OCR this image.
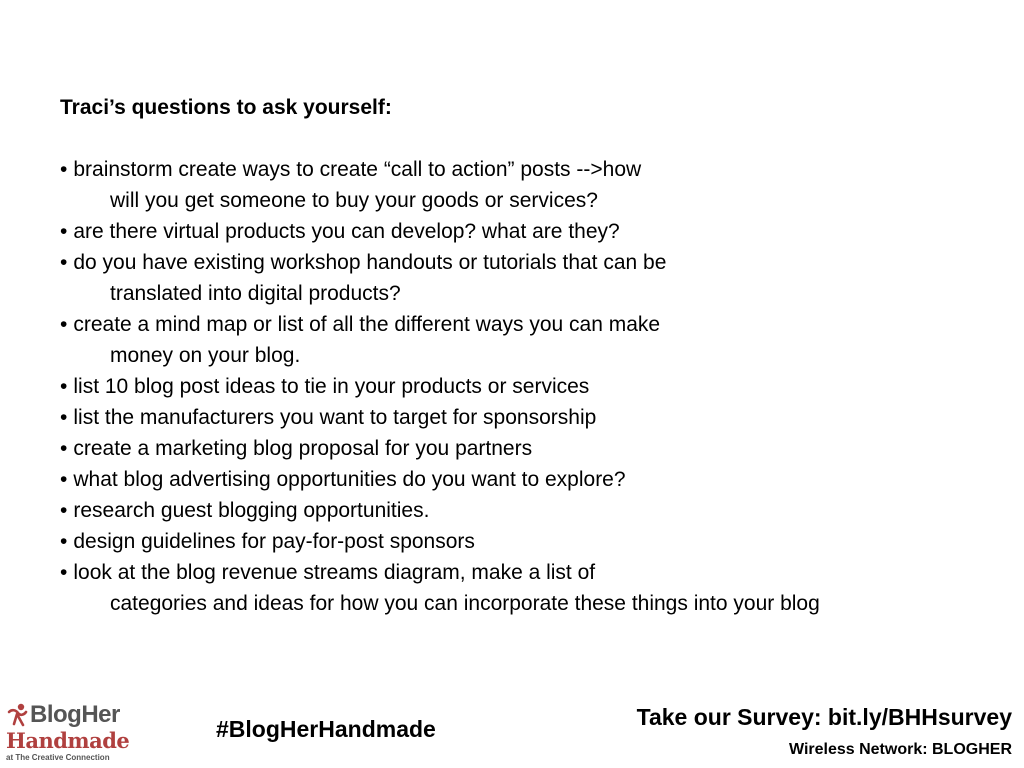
Traci’s questions to ask yourself:
• brainstorm create ways to create “call to action” posts -->how
will you get someone to buy your goods or services?
• are there virtual products you can develop? what are they?
• do you have existing workshop handouts or tutorials that can be
translated into digital products?
• create a mind map or list of all the different ways you can make
money on your blog.
• list 10 blog post ideas to tie in your products or services
• list the manufacturers you want to target for sponsorship
• create a marketing blog proposal for you partners
• what blog advertising opportunities do you want to explore?
• research guest blogging opportunities.
• design guidelines for pay-for-post sponsors
• look at the blog revenue streams diagram, make a list of
categories and ideas for how you can incorporate these things into your blog
BlogHer
Handmade
at The Creative Connection
#BlogHerHandmade	Take our Survey: bit.ly/BHHsurvey
Wireless Network: BLOGHER
